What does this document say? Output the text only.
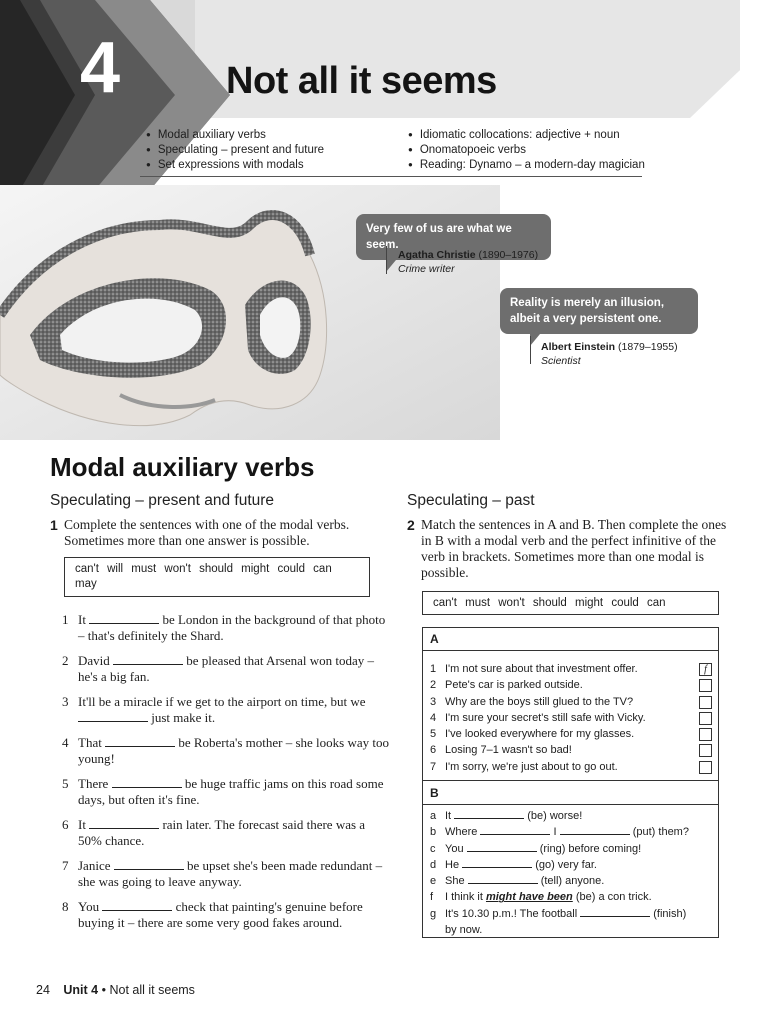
4	Not all it seems
● Modal auxiliary verbs
● Speculating – present and future
● Set expressions with modals
● Idiomatic collocations: adjective + noun
● Onomatopoeic verbs
● Reading: Dynamo – a modern-day magician
Very few of us are what we seem.
Agatha Christie (1890–1976)
Crime writer
Reality is merely an illusion, albeit a very persistent one.
Albert Einstein (1879–1955)
Scientist
Modal auxiliary verbs
Speculating – present and future	Speculating – past
1 Complete the sentences with one of the modal verbs. Sometimes more than one answer is possible.
can't will must won't should might could can may
1 It	be London in the background of that photo – that's definitely the Shard.
2 David	be pleased that Arsenal won today – he's a big fan.
3 It'll be a miracle if we get to the airport on time, but we  just make it.
4 That	be Roberta's mother – she looks way too young!
5 There	be huge traffic jams on this road some days, but often it's fine.
6 It	rain later. The forecast said there was a 50% chance.
7 Janice	be upset she's been made redundant – she was going to leave anyway.
8 You	check that painting's genuine before buying it – there are some very good fakes around.
2 Match the sentences in A and B. Then complete the ones in B with a modal verb and the perfect infinitive of the verb in brackets. Sometimes more than one modal is possible.
can't must won't should might could can
A
1 I'm not sure about that investment offer.	f
2 Pete's car is parked outside.
3 Why are the boys still glued to the TV?
4 I'm sure your secret's still safe with Vicky.
5 I've looked everywhere for my glasses.
6 Losing 7–1 wasn't so bad!
7 I'm sorry, we're just about to go out.
B
a It	(be) worse!
b Where	I	(put) them?
c You	(ring) before coming!
d He	(go) very far.
e She	(tell) anyone.
f I think it might have been (be) a con trick.
g It's 10.30 p.m.! The football	(finish)
by now.
24 Unit 4 • Not all it seems
